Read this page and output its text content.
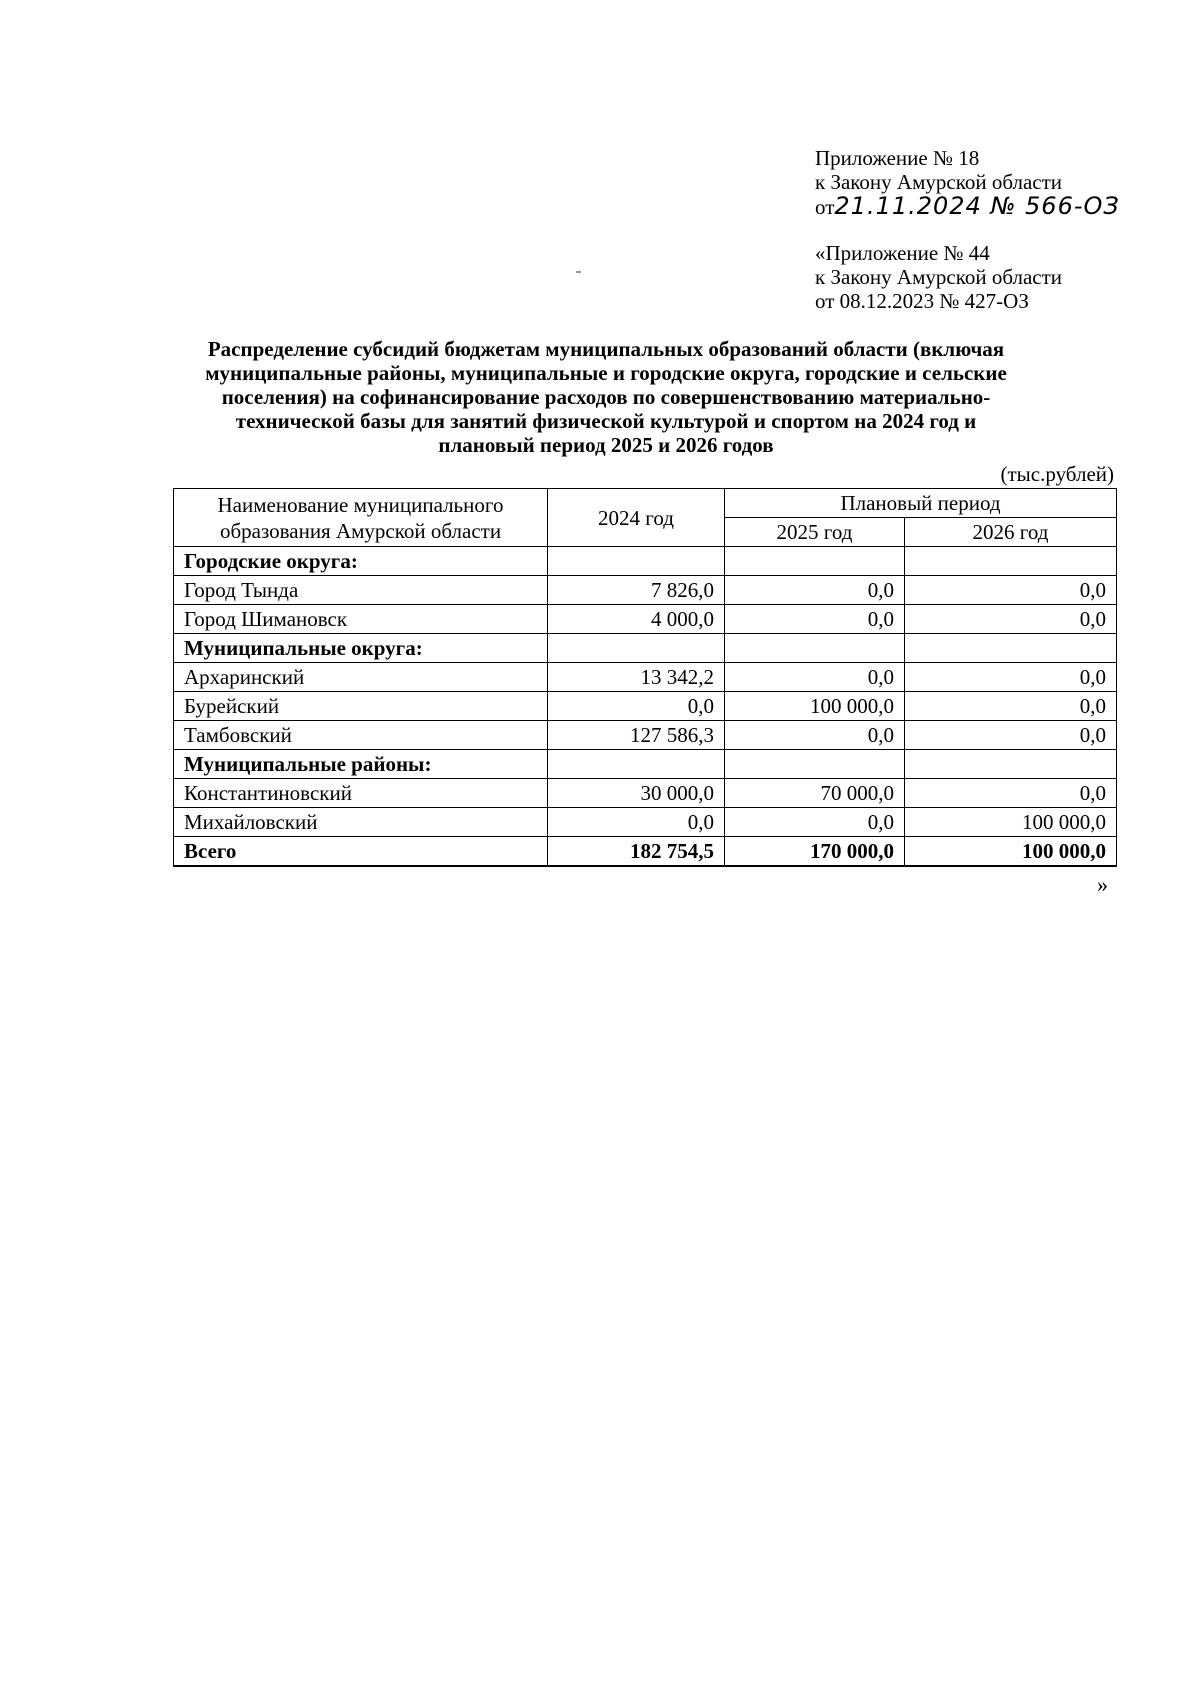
Приложение № 18
к Закону Амурской области
от21.11.2024 № 566-ОЗ
«Приложение № 44
к Закону Амурской области
от 08.12.2023 № 427-ОЗ
Распределение субсидий бюджетам муниципальных образований области (включая
муниципальные районы, муниципальные и городские округа, городские и сельские
поселения) на софинансирование расходов по совершенствованию материально-
технической базы для занятий физической культурой и спортом на 2024 год и
плановый период 2025 и 2026 годов
(тыс.рублей)
Наименование муниципального образования Амурской области	2024 год	Плановый период	
		2025 год	2026 год
Городские округа:			
Город Тында	7 826,0	0,0	0,0
Город Шимановск	4 000,0	0,0	0,0
Муниципальные округа:			
Архаринский	13 342,2	0,0	0,0
Бурейский	0,0	100 000,0	0,0
Тамбовский	127 586,3	0,0	0,0
Муниципальные районы:			
Константиновский	30 000,0	70 000,0	0,0
Михайловский	0,0	0,0	100 000,0
Всего	182 754,5	170 000,0	100 000,0
»
